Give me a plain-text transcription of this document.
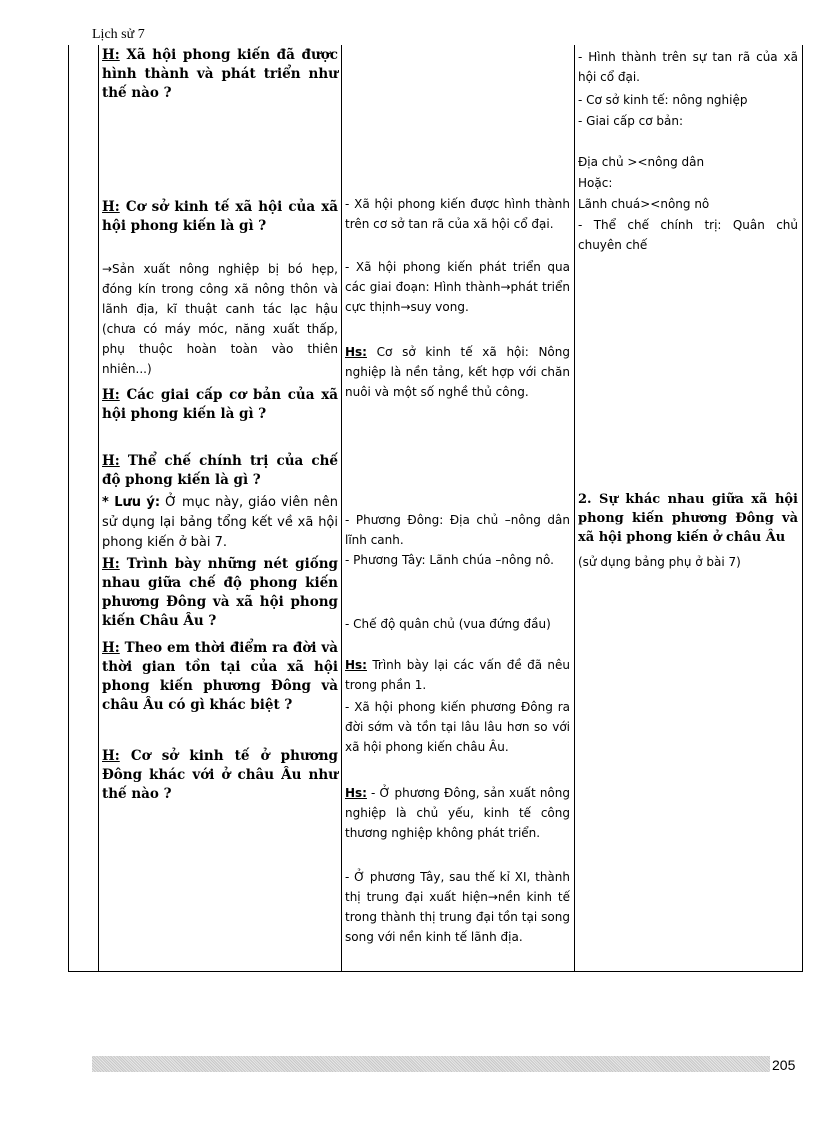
Lịch sử 7
H: Xã hội phong kiến đã được hình thành và phát triển như thế nào ?
H: Cơ sở kinh tế xã hội của xã hội phong kiến là gì ?
→Sản xuất nông nghiệp bị bó hẹp, đóng kín trong công xã nông thôn và lãnh địa, kĩ thuật canh tác lạc hậu (chưa có máy móc, năng xuất thấp, phụ thuộc hoàn toàn vào thiên nhiên...)
H: Các giai cấp cơ bản của xã hội phong kiến là gì ?
H: Thể chế chính trị của chế độ phong kiến là gì ?
* Lưu ý: Ở mục này, giáo viên nên sử dụng lại bảng tổng kết về xã hội phong kiến ở bài 7.
H: Trình bày những nét giống nhau giữa chế độ phong kiến phương Đông và xã hội phong kiến Châu Âu ?
H: Theo em thời điểm ra đời và thời gian tồn tại của xã hội phong kiến phương Đông và châu Âu có gì khác biệt ?
H: Cơ sở kinh tế ở phương Đông khác với ở châu Âu như thế nào ?
- Xã hội phong kiến được hình thành trên cơ sở tan rã của xã hội cổ đại.
- Xã hội phong kiến phát triển qua các giai đoạn: Hình thành→phát triển cực thịnh→suy vong.
Hs: Cơ sở kinh tế xã hội: Nông nghiệp là nền tảng, kết hợp với chăn nuôi và một số nghề thủ công.
- Phương Đông: Địa chủ –nông dân lĩnh canh.
- Phương Tây: Lãnh chúa –nông nô.
- Chế độ quân chủ (vua đứng đầu)
Hs: Trình bày lại các vấn đề đã nêu trong phần 1.
- Xã hội phong kiến phương Đông ra đời sớm và tồn tại lâu lâu hơn so với xã hội phong kiến châu Âu.
Hs: - Ở phương Đông, sản xuất nông nghiệp là chủ yếu, kinh tế công thương nghiệp không phát triển.
- Ở phương Tây, sau thế kỉ XI, thành thị trung đại xuất hiện→nền kinh tế trong thành thị trung đại tồn tại song song với nền kinh tế lãnh địa.
- Hình thành trên sự tan rã của xã hội cổ đại.
- Cơ sở kinh tế: nông nghiệp
- Giai cấp cơ bản:
Địa chủ ><nông dân
Hoặc:
Lãnh chuá><nông nô
- Thể chế chính trị: Quân chủ chuyên chế
2. Sự khác nhau giữa xã hội phong kiến phương Đông và xã hội phong kiến ở châu Âu
(sử dụng bảng phụ ở bài 7)
205
